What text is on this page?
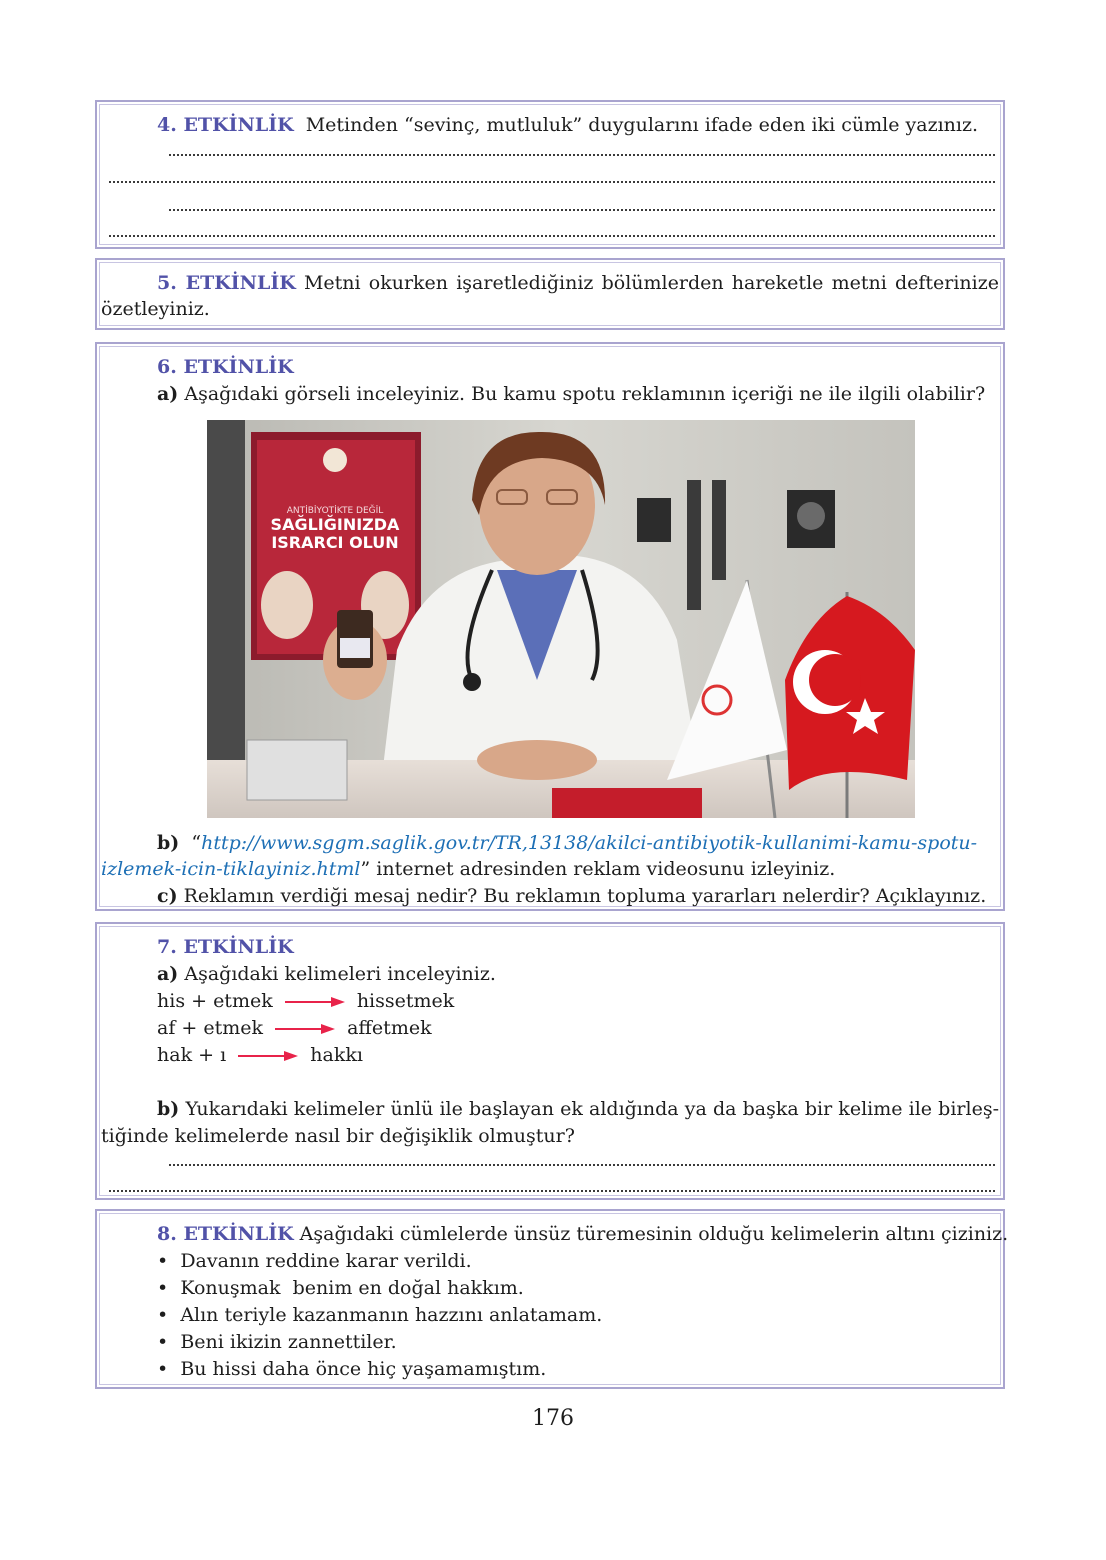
4. ETKİNLİK Metinden “sevinç, mutluluk” duygularını ifade eden iki cümle yazınız.
5. ETKİNLİK Metni okurken işaretlediğiniz bölümlerden hareketle metni defterinize
özetleyiniz.
6. ETKİNLİK
a) Aşağıdaki görseli inceleyiniz. Bu kamu spotu reklamının içeriği ne ile ilgili olabilir?
ANTİBİYOTİKTE DEĞİL
SAĞLIĞINIZDA
ISRARCI OLUN
b) “http://www.sggm.saglik.gov.tr/TR,13138/akilci-antibiyotik-kullanimi-kamu-spotu-
izlemek-icin-tiklayiniz.html” internet adresinden reklam videosunu izleyiniz.
c) Reklamın verdiği mesaj nedir? Bu reklamın topluma yararları nelerdir? Açıklayınız.
7. ETKİNLİK
a) Aşağıdaki kelimeleri inceleyiniz.
his + etmek	hissetmek
af + etmek	affetmek
hak + ı	hakkı
b) Yukarıdaki kelimeler ünlü ile başlayan ek aldığında ya da başka bir kelime ile birleş-
tiğinde kelimelerde nasıl bir değişiklik olmuştur?
8. ETKİNLİK Aşağıdaki cümlelerde ünsüz türemesinin olduğu kelimelerin altını çiziniz.
• Davanın reddine karar verildi.
• Konuşmak  benim en doğal hakkım.
• Alın teriyle kazanmanın hazzını anlatamam.
• Beni ikizin zannettiler.
• Bu hissi daha önce hiç yaşamamıştım.
176
